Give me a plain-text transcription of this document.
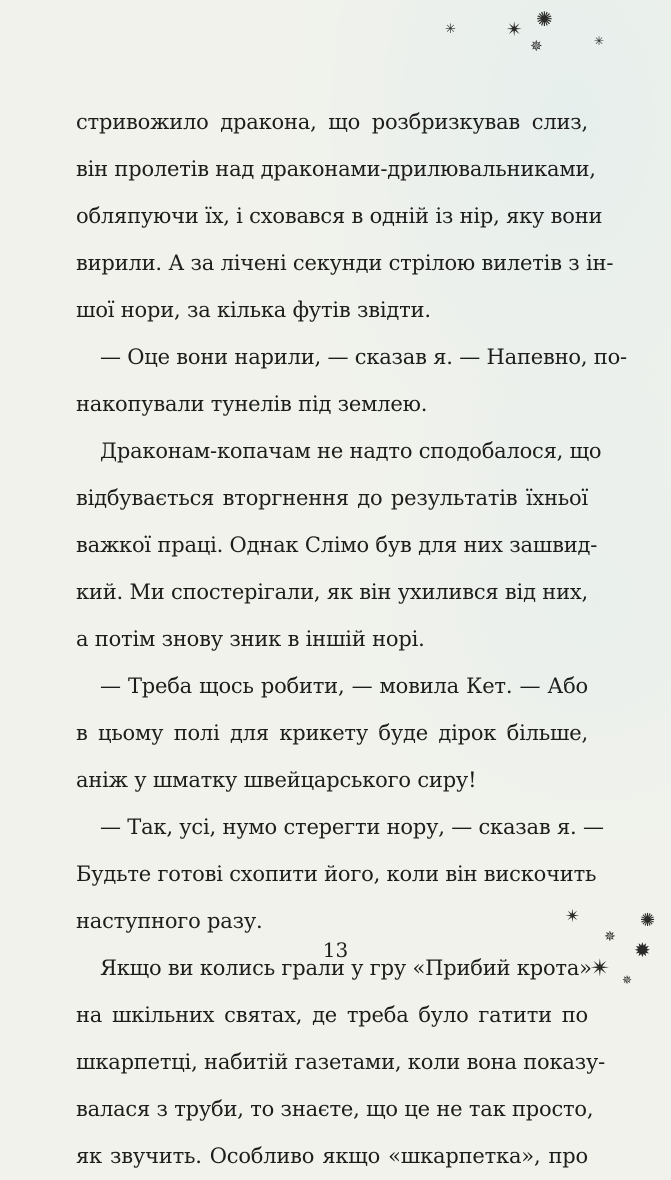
✳	✴ ✺
✵	✳
стривожило дракона, що розбризкував слиз,
він пролетів над драконами-дрилювальниками,
обляпуючи їх, і сховався в одній із нір, яку вони
вирили. А за лічені секунди стрілою вилетів з ін-
шої нори, за кілька футів звідти.
— Оце вони нарили, — сказав я. — Напевно, по-
накопували тунелів під землею.
Драконам-копачам не надто сподобалося, що
відбувається вторгнення до результатів їхньої
важкої праці. Однак Слімо був для них зашвид-
кий. Ми спостерігали, як він ухилився від них,
а потім знову зник в іншій норі.
— Треба щось робити, — мовила Кет. — Або
в цьому полі для крикету буде дірок більше,
аніж у шматку швейцарського сиру!
— Так, усі, нумо стерегти нору, — сказав я. —
Будьте готові схопити його, коли він вискочить
наступного разу.
Якщо ви колись грали у гру «Прибий крота»
на шкільних святах, де треба було гатити по
шкарпетці, набитій газетами, коли вона показу-
валася з труби, то знаєте, що це не так просто,
як звучить. Особливо якщо «шкарпетка», про
13
✴	✺
✵
✹
✴ ✵
